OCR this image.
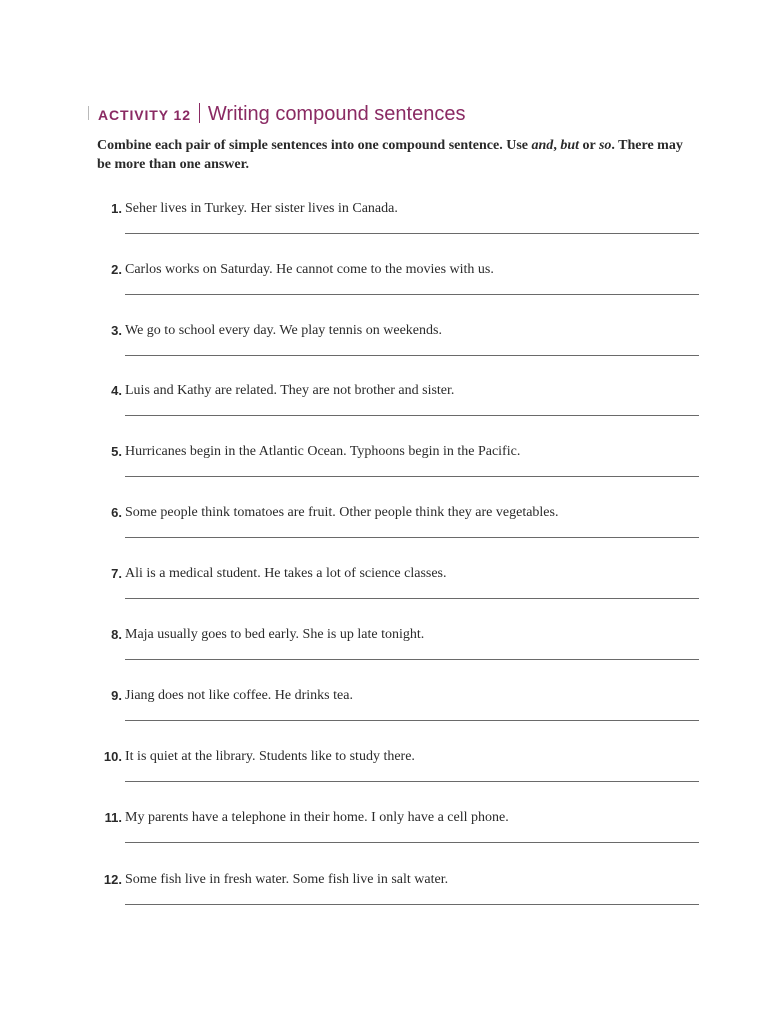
ACTIVITY 12 Writing compound sentences
Combine each pair of simple sentences into one compound sentence. Use and, but or so. There may be more than one answer.
1. Seher lives in Turkey. Her sister lives in Canada.
2. Carlos works on Saturday. He cannot come to the movies with us.
3. We go to school every day. We play tennis on weekends.
4. Luis and Kathy are related. They are not brother and sister.
5. Hurricanes begin in the Atlantic Ocean. Typhoons begin in the Pacific.
6. Some people think tomatoes are fruit. Other people think they are vegetables.
7. Ali is a medical student. He takes a lot of science classes.
8. Maja usually goes to bed early. She is up late tonight.
9. Jiang does not like coffee. He drinks tea.
10. It is quiet at the library. Students like to study there.
11. My parents have a telephone in their home. I only have a cell phone.
12. Some fish live in fresh water. Some fish live in salt water.
